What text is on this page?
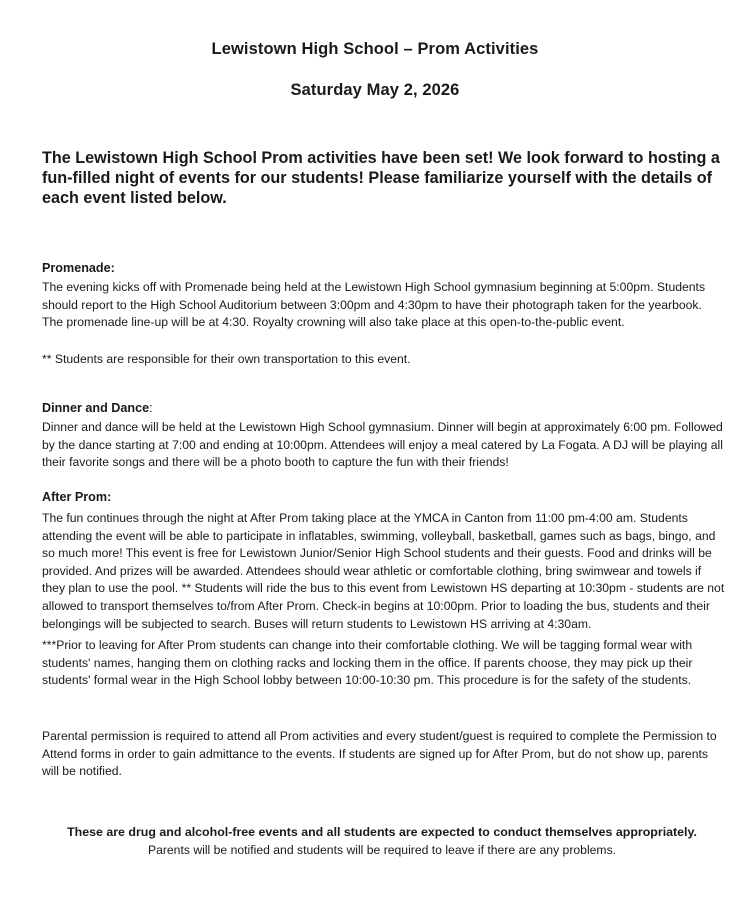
Lewistown High School – Prom Activities
Saturday May 2, 2026
The Lewistown High School Prom activities have been set! We look forward to hosting a fun-filled night of events for our students! Please familiarize yourself with the details of each event listed below.
Promenade:

The evening kicks off with Promenade being held at the Lewistown High School gymnasium beginning at 5:00pm. Students should report to the High School Auditorium between 3:00pm and 4:30pm to have their photograph taken for the yearbook. The promenade line-up will be at 4:30. Royalty crowning will also take place at this open-to-the-public event.

** Students are responsible for their own transportation to this event.

Dinner and Dance:

Dinner and dance will be held at the Lewistown High School gymnasium. Dinner will begin at approximately 6:00 pm. Followed by the dance starting at 7:00 and ending at 10:00pm. Attendees will enjoy a meal catered by La Fogata. A DJ will be playing all their favorite songs and there will be a photo booth to capture the fun with their friends!

After Prom:

The fun continues through the night at After Prom taking place at the YMCA in Canton from 11:00 pm-4:00 am. Students attending the event will be able to participate in inflatables, swimming, volleyball, basketball, games such as bags, bingo, and so much more! This event is free for Lewistown Junior/Senior High School students and their guests. Food and drinks will be provided. And prizes will be awarded. Attendees should wear athletic or comfortable clothing, bring swimwear and towels if they plan to use the pool. ** Students will ride the bus to this event from Lewistown HS departing at 10:30pm - students are not allowed to transport themselves to/from After Prom. Check-in begins at 10:00pm. Prior to loading the bus, students and their belongings will be subjected to search. Buses will return students to Lewistown HS arriving at 4:30am.

***Prior to leaving for After Prom students can change into their comfortable clothing. We will be tagging formal wear with students' names, hanging them on clothing racks and locking them in the office. If parents choose, they may pick up their students' formal wear in the High School lobby between 10:00-10:30 pm. This procedure is for the safety of the students.

Parental permission is required to attend all Prom activities and every student/guest is required to complete the Permission to Attend forms in order to gain admittance to the events. If students are signed up for After Prom, but do not show up, parents will be notified.

These are drug and alcohol-free events and all students are expected to conduct themselves appropriately.
Parents will be notified and students will be required to leave if there are any problems.
